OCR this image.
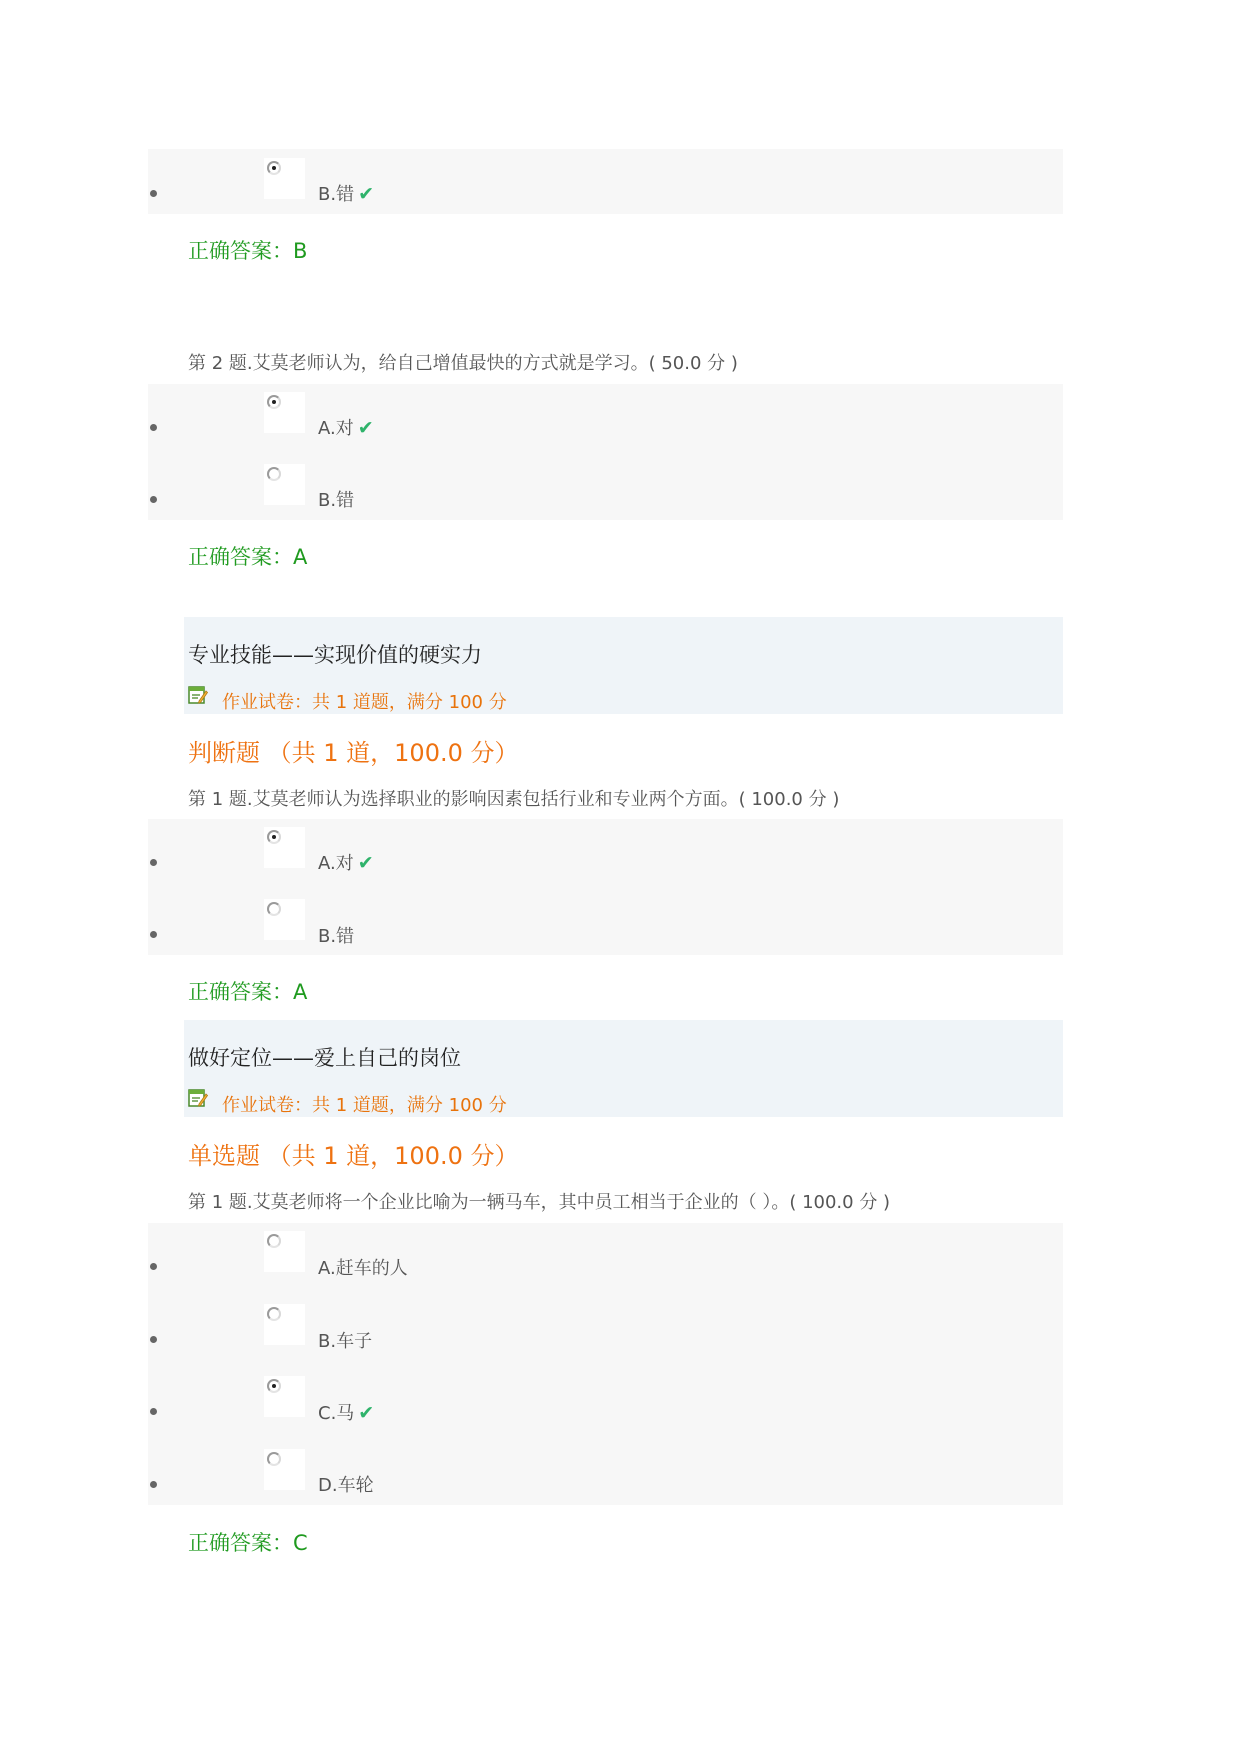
B.错 ✔
正确答案：B
第 2 题.艾莫老师认为，给自己增值最快的方式就是学习。( 50.0 分 )
A.对 ✔
B.错
正确答案：A
专业技能——实现价值的硬实力
作业试卷：共 1 道题，满分 100 分
判断题 （共 1 道，100.0 分）
第 1 题.艾莫老师认为选择职业的影响因素包括行业和专业两个方面。( 100.0 分 )
A.对 ✔
B.错
正确答案：A
做好定位——爱上自己的岗位
作业试卷：共 1 道题，满分 100 分
单选题 （共 1 道，100.0 分）
第 1 题.艾莫老师将一个企业比喻为一辆马车，其中员工相当于企业的（ ）。( 100.0 分 )
A.赶车的人
B.车子
C.马 ✔
D.车轮
正确答案：C
